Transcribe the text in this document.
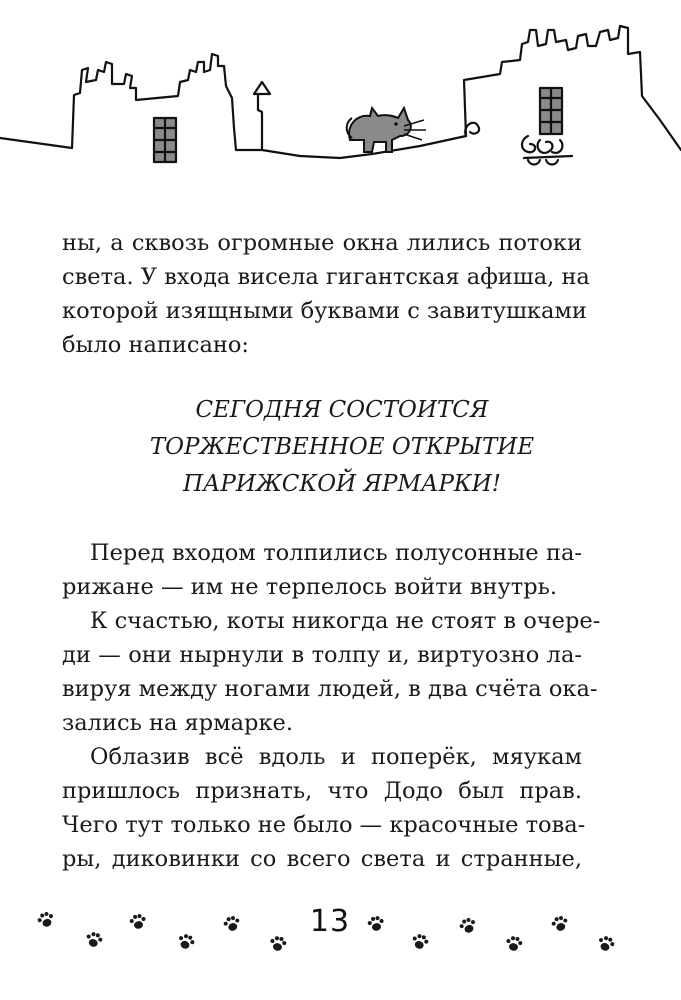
ны, а сквозь огромные окна лились потоки
света. У входа висела гигантская афиша, на
которой изящными буквами с завитушками
было написано:
СЕГОДНЯ СОСТОИТСЯ
ТОРЖЕСТВЕННОЕ ОТКРЫТИЕ
ПАРИЖСКОЙ ЯРМАРКИ!
Перед входом толпились полусонные па-
рижане — им не терпелось войти внутрь.
К счастью, коты никогда не стоят в очере-
ди — они нырнули в толпу и, виртуозно ла-
вируя между ногами людей, в два счёта ока-
зались на ярмарке.
Облазив всё вдоль и поперёк, мяукам
пришлось признать, что Додо был прав.
Чего тут только не было — красочные това-
ры, диковинки со всего света и странные,
13
